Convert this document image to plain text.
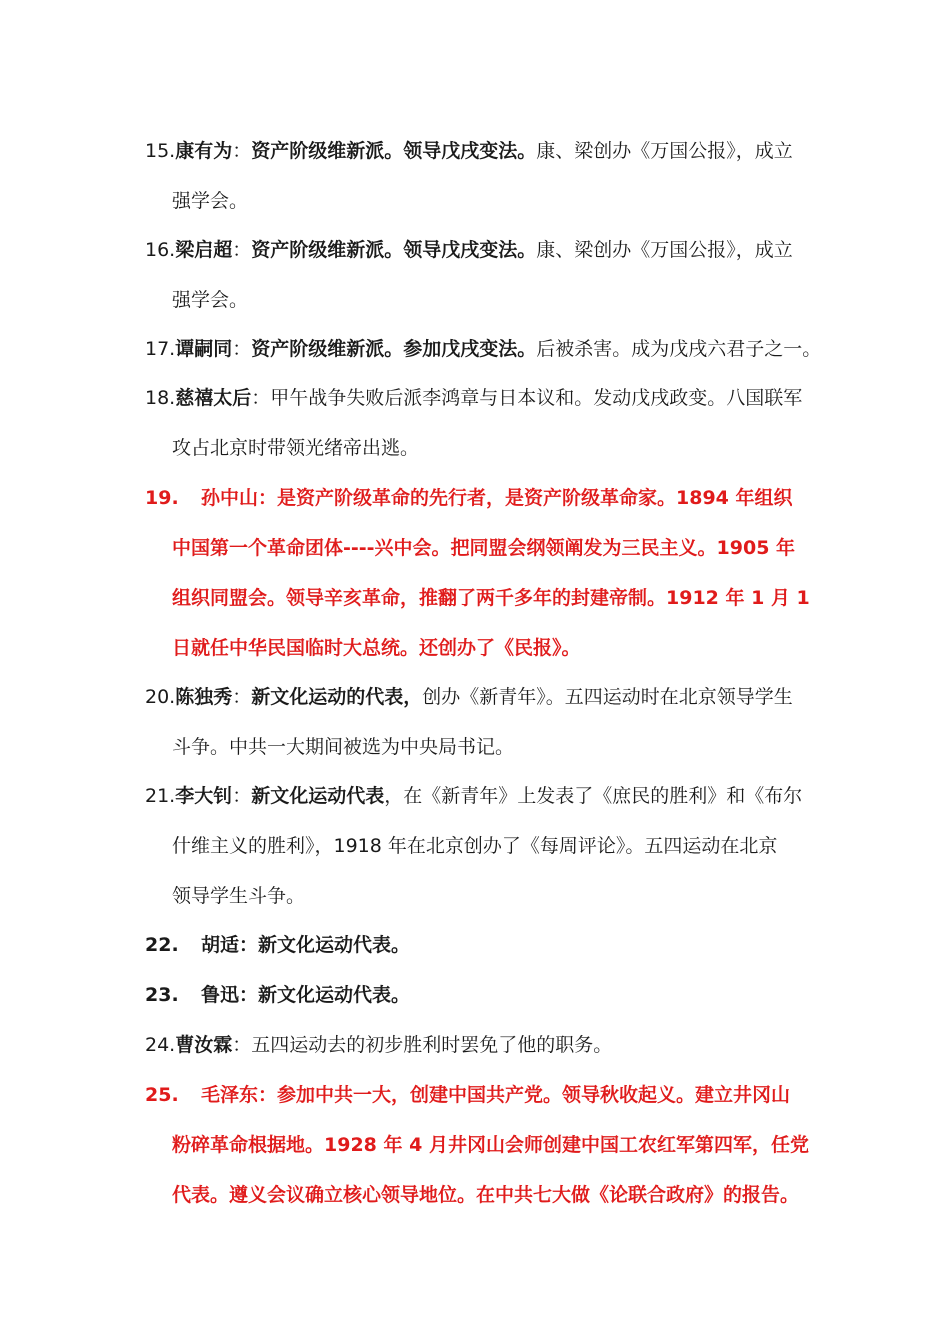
15.康有为：资产阶级维新派。领导戊戌变法。康、梁创办《万国公报》，成立
强学会。
16.梁启超：资产阶级维新派。领导戊戌变法。康、梁创办《万国公报》，成立
强学会。
17.谭嗣同：资产阶级维新派。参加戊戌变法。后被杀害。成为戊戌六君子之一。
18.慈禧太后：甲午战争失败后派李鸿章与日本议和。发动戊戌政变。八国联军
攻占北京时带领光绪帝出逃。
19. 孙中山：是资产阶级革命的先行者，是资产阶级革命家。1894 年组织
中国第一个革命团体----兴中会。把同盟会纲领阐发为三民主义。1905 年
组织同盟会。领导辛亥革命，推翻了两千多年的封建帝制。1912 年 1 月 1
日就任中华民国临时大总统。还创办了《民报》。
20.陈独秀：新文化运动的代表，创办《新青年》。五四运动时在北京领导学生
斗争。中共一大期间被选为中央局书记。
21.李大钊：新文化运动代表，在《新青年》上发表了《庶民的胜利》和《布尔
什维主义的胜利》，1918 年在北京创办了《每周评论》。五四运动在北京
领导学生斗争。
22. 胡适：新文化运动代表。
23. 鲁迅：新文化运动代表。
24.曹汝霖：五四运动去的初步胜利时罢免了他的职务。
25. 毛泽东：参加中共一大，创建中国共产党。领导秋收起义。建立井冈山
粉碎革命根据地。1928 年 4 月井冈山会师创建中国工农红军第四军，任党
代表。遵义会议确立核心领导地位。在中共七大做《论联合政府》的报告。
